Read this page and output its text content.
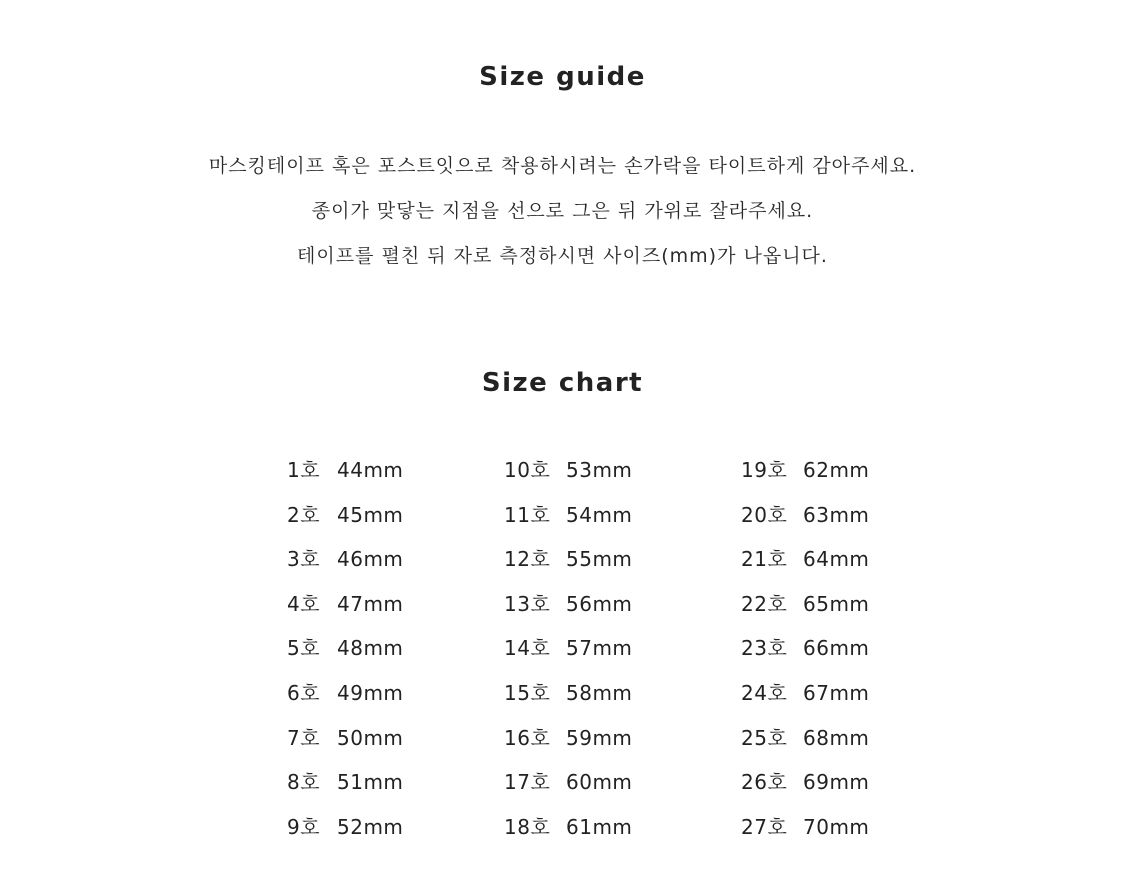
Size guide
마스킹테이프 혹은 포스트잇으로 착용하시려는 손가락을 타이트하게 감아주세요.
종이가 맞닿는 지점을 선으로 그은 뒤 가위로 잘라주세요.
테이프를 펼친 뒤 자로 측정하시면 사이즈(mm)가 나옵니다.
Size chart
1호 44mm
2호 45mm
3호 46mm
4호 47mm
5호 48mm
6호 49mm
7호 50mm
8호 51mm
9호 52mm
10호 53mm
11호 54mm
12호 55mm
13호 56mm
14호 57mm
15호 58mm
16호 59mm
17호 60mm
18호 61mm
19호 62mm
20호 63mm
21호 64mm
22호 65mm
23호 66mm
24호 67mm
25호 68mm
26호 69mm
27호 70mm
